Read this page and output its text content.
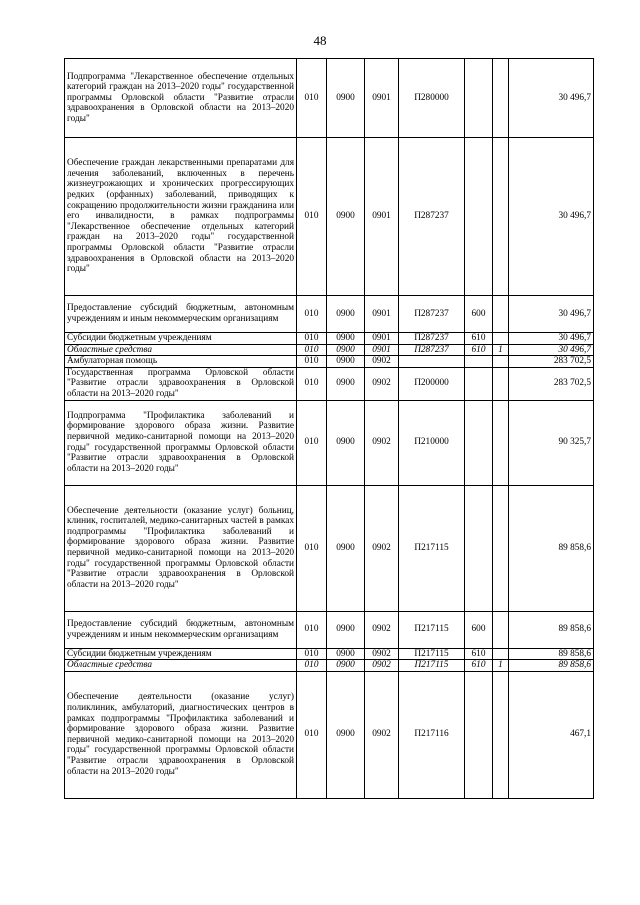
48
Подпрограмма "Лекарственное обеспечение отдельных категорий граждан на 2013–2020 годы" государственной программы Орловской области "Развитие отрасли здравоохранения в Орловской области на 2013–2020 годы"	010	0900	0901	П280000			30 496,7
Обеспечение граждан лекарственными препаратами для лечения заболеваний, включенных в перечень жизнеугрожающих и хронических прогрессирующих редких (орфанных) заболеваний, приводящих к сокращению продолжительности жизни гражданина или его инвалидности, в рамках подпрограммы "Лекарственное обеспечение отдельных категорий граждан на 2013–2020 годы" государственной программы Орловской области "Развитие отрасли здравоохранения в Орловской области на 2013–2020 годы"	010	0900	0901	П287237			30 496,7
Предоставление субсидий бюджетным, автономным учреждениям и иным некоммерческим организациям	010	0900	0901	П287237	600		30 496,7
Субсидии бюджетным учреждениям	010	0900	0901	П287237	610		30 496,7
Областные средства	010	0900	0901	П287237	610	1	30 496,7
Амбулаторная помощь	010	0900	0902				283 702,5
Государственная программа Орловской области "Развитие отрасли здравоохранения в Орловской области на 2013–2020 годы"	010	0900	0902	П200000			283 702,5
Подпрограмма "Профилактика заболеваний и формирование здорового образа жизни. Развитие первичной медико-санитарной помощи на 2013–2020 годы" государственной программы Орловской области "Развитие отрасли здравоохранения в Орловской области на 2013–2020 годы"	010	0900	0902	П210000			90 325,7
Обеспечение деятельности (оказание услуг) больниц, клиник, госпиталей, медико-санитарных частей в рамках подпрограммы "Профилактика заболеваний и формирование здорового образа жизни. Развитие первичной медико-санитарной помощи на 2013–2020 годы" государственной программы Орловской области "Развитие отрасли здравоохранения в Орловской области на 2013–2020 годы"	010	0900	0902	П217115			89 858,6
Предоставление субсидий бюджетным, автономным учреждениям и иным некоммерческим организациям	010	0900	0902	П217115	600		89 858,6
Субсидии бюджетным учреждениям	010	0900	0902	П217115	610		89 858,6
Областные средства	010	0900	0902	П217115	610	1	89 858,6
Обеспечение деятельности (оказание услуг) поликлиник, амбулаторий, диагностических центров в рамках подпрограммы "Профилактика заболеваний и формирование здорового образа жизни. Развитие первичной медико-санитарной помощи на 2013–2020 годы" государственной программы Орловской области "Развитие отрасли здравоохранения в Орловской области на 2013–2020 годы"	010	0900	0902	П217116			467,1
